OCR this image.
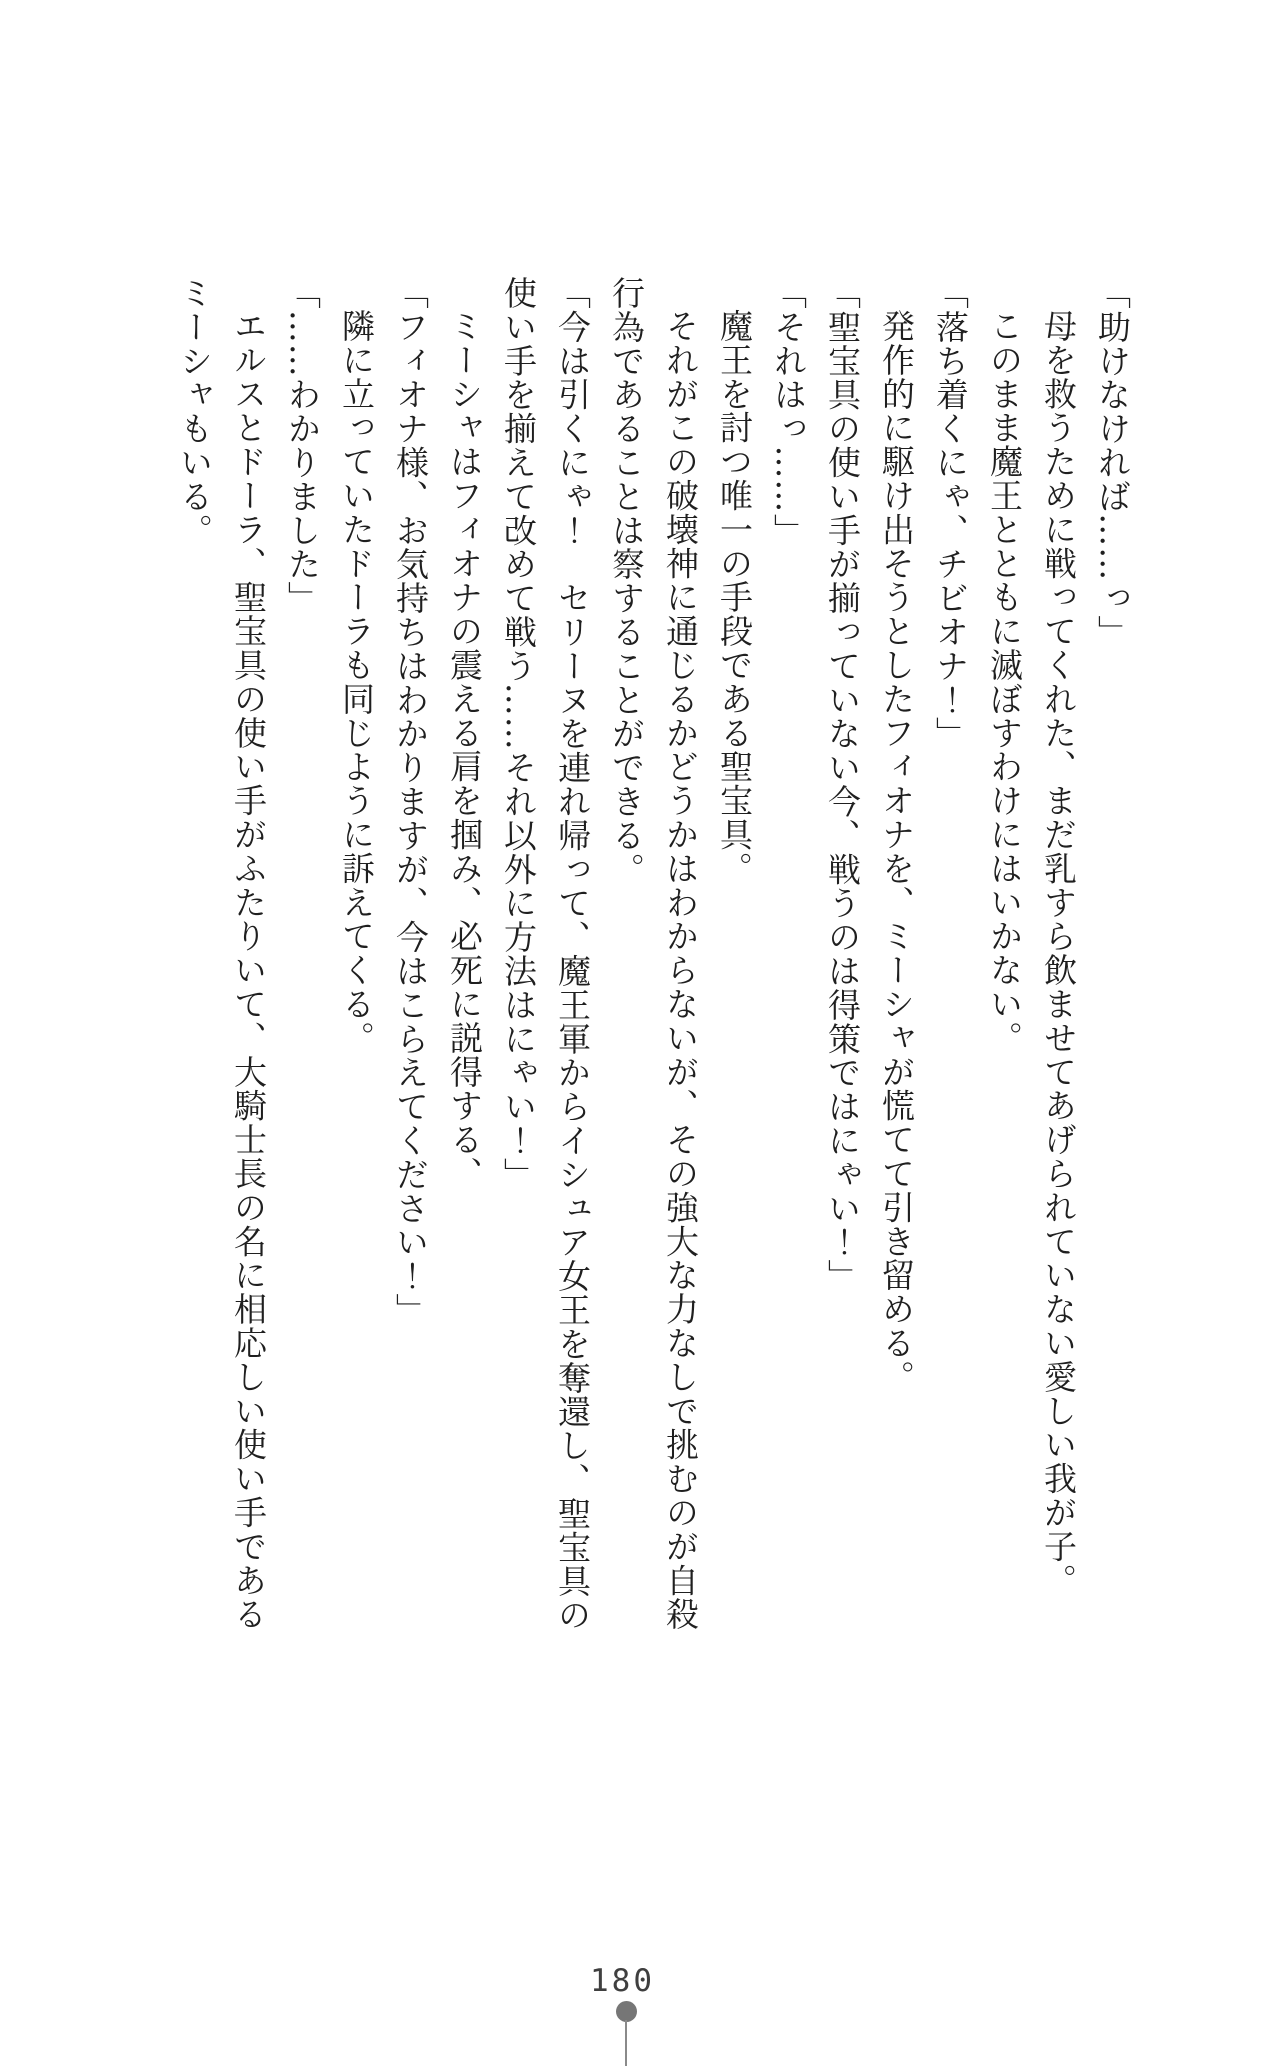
「助けなければ……っ」

母を救うために戦ってくれた、まだ乳すら飲ませてあげられていない愛しい我が子。

このまま魔王とともに滅ぼすわけにはいかない。

「落ち着くにゃ、チビオナ！」

発作的に駆け出そうとしたフィオナを、ミーシャが慌てて引き留める。

「聖宝具の使い手が揃っていない今、戦うのは得策ではにゃい！」

「それはっ……」

魔王を討つ唯一の手段である聖宝具。

それがこの破壊神に通じるかどうかはわからないが、その強大な力なしで挑むのが自殺行為であることは察することができる。

「今は引くにゃ！　セリーヌを連れ帰って、魔王軍からイシュア女王を奪還し、聖宝具の使い手を揃えて改めて戦う……それ以外に方法はにゃい！」

ミーシャはフィオナの震える肩を掴み、必死に説得する、

「フィオナ様、お気持ちはわかりますが、今はこらえてください！」

隣に立っていたドーラも同じように訴えてくる。

「……わかりました」

エルスとドーラ、聖宝具の使い手がふたりいて、大騎士長の名に相応しい使い手であるミーシャもいる。

180
